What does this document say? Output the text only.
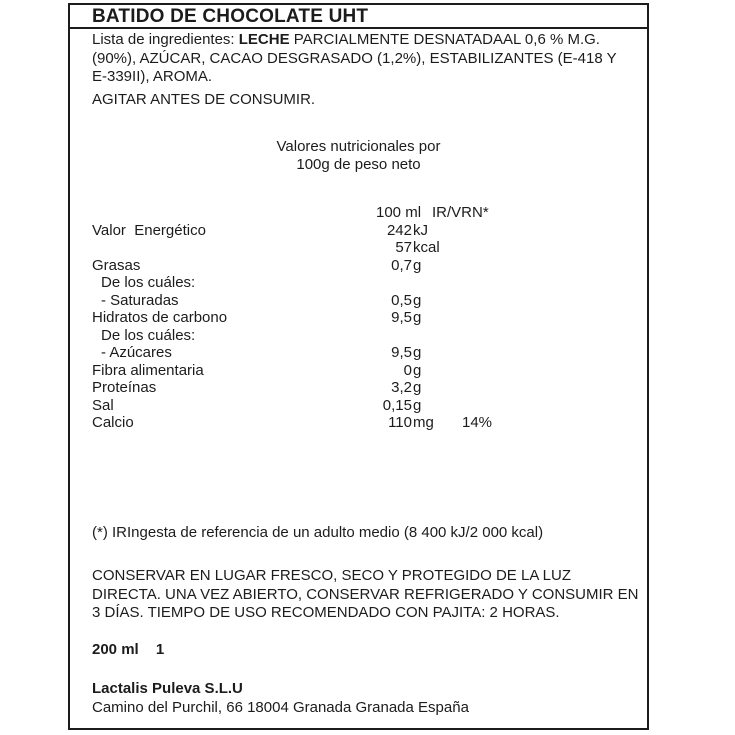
BATIDO DE CHOCOLATE UHT
Lista de ingredientes: LECHE PARCIALMENTE DESNATADAAL 0,6 % M.G.
(90%), AZÚCAR, CACAO DESGRASADO (1,2%), ESTABILIZANTES (E-418 Y
E-339II), AROMA.
AGITAR ANTES DE CONSUMIR.
Valores nutricionales por
100g de peso neto
100 ml IR/VRN*
Valor  Energético	242 kJ
57 kcal
Grasas	0,7 g
De los cuáles:
- Saturadas	0,5 g
Hidratos de carbono	9,5 g
De los cuáles:
- Azúcares	9,5 g
Fibra alimentaria	0 g
Proteínas	3,2 g
Sal	0,15 g
Calcio	110 mg 14%
(*) IRIngesta de referencia de un adulto medio (8 400 kJ/2 000 kcal)
CONSERVAR EN LUGAR FRESCO, SECO Y PROTEGIDO DE LA LUZ
DIRECTA. UNA VEZ ABIERTO, CONSERVAR REFRIGERADO Y CONSUMIR EN
3 DÍAS. TIEMPO DE USO RECOMENDADO CON PAJITA: 2 HORAS.
200 ml 1
Lactalis Puleva S.L.U
Camino del Purchil, 66 18004 Granada Granada España
